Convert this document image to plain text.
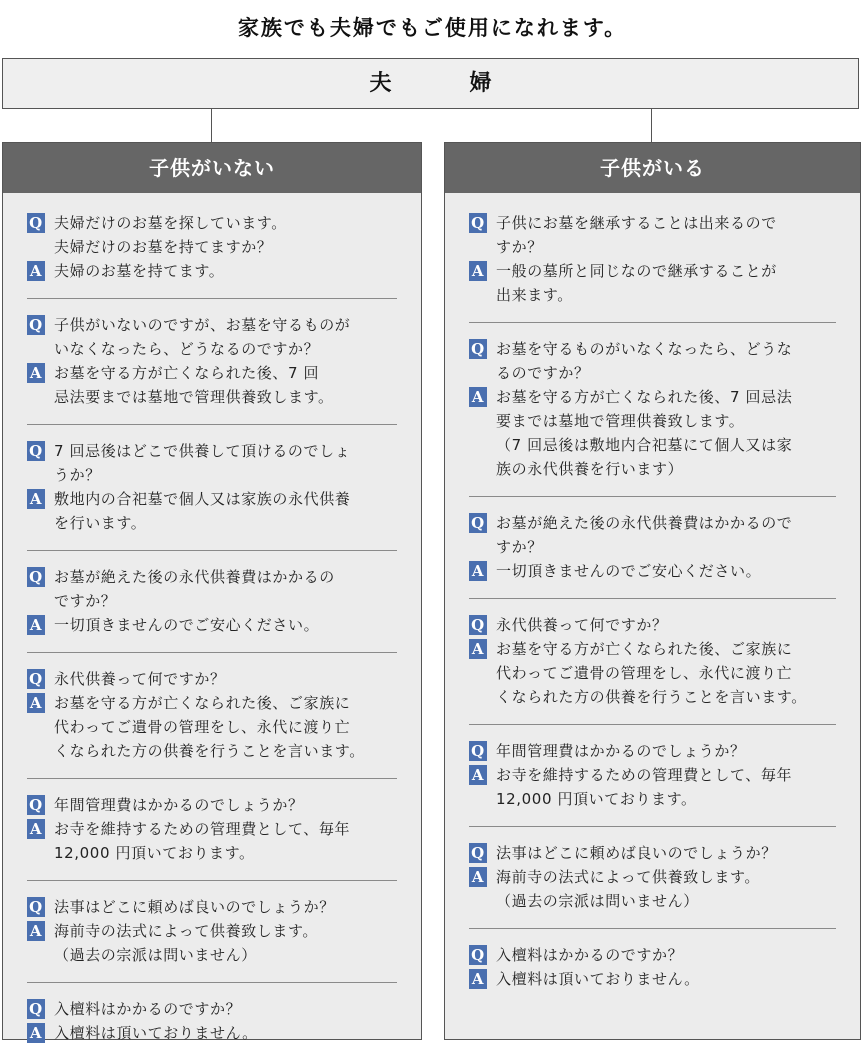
家族でも夫婦でもご使用になれます。
夫　婦
子供がいない
Q 夫婦だけのお墓を探しています。
夫婦だけのお墓を持てますか？
A 夫婦のお墓を持てます。
Q 子供がいないのですが、お墓を守るものが
いなくなったら、どうなるのですか？
A お墓を守る方が亡くなられた後、7 回
忌法要までは墓地で管理供養致します。
Q 7 回忌後はどこで供養して頂けるのでしょ
うか？
A 敷地内の合祀墓で個人又は家族の永代供養
を行います。
Q お墓が絶えた後の永代供養費はかかるの
ですか？
A 一切頂きませんのでご安心ください。
Q 永代供養って何ですか？
A お墓を守る方が亡くなられた後、ご家族に
代わってご遺骨の管理をし、永代に渡り亡
くなられた方の供養を行うことを言います。
Q 年間管理費はかかるのでしょうか？
A お寺を維持するための管理費として、毎年
12,000 円頂いております。
Q 法事はどこに頼めば良いのでしょうか？
A 海前寺の法式によって供養致します。
（過去の宗派は問いません）
Q 入檀料はかかるのですか？
A 入檀料は頂いておりません。
子供がいる
Q 子供にお墓を継承することは出来るので
すか？
A 一般の墓所と同じなので継承することが
出来ます。
Q お墓を守るものがいなくなったら、どうな
るのですか？
A お墓を守る方が亡くなられた後、7 回忌法
要までは墓地で管理供養致します。
（7 回忌後は敷地内合祀墓にて個人又は家
族の永代供養を行います）
Q お墓が絶えた後の永代供養費はかかるので
すか？
A 一切頂きませんのでご安心ください。
Q 永代供養って何ですか？
A お墓を守る方が亡くなられた後、ご家族に
代わってご遺骨の管理をし、永代に渡り亡
くなられた方の供養を行うことを言います。
Q 年間管理費はかかるのでしょうか？
A お寺を維持するための管理費として、毎年
12,000 円頂いております。
Q 法事はどこに頼めば良いのでしょうか？
A 海前寺の法式によって供養致します。
（過去の宗派は問いません）
Q 入檀料はかかるのですか？
A 入檀料は頂いておりません。
